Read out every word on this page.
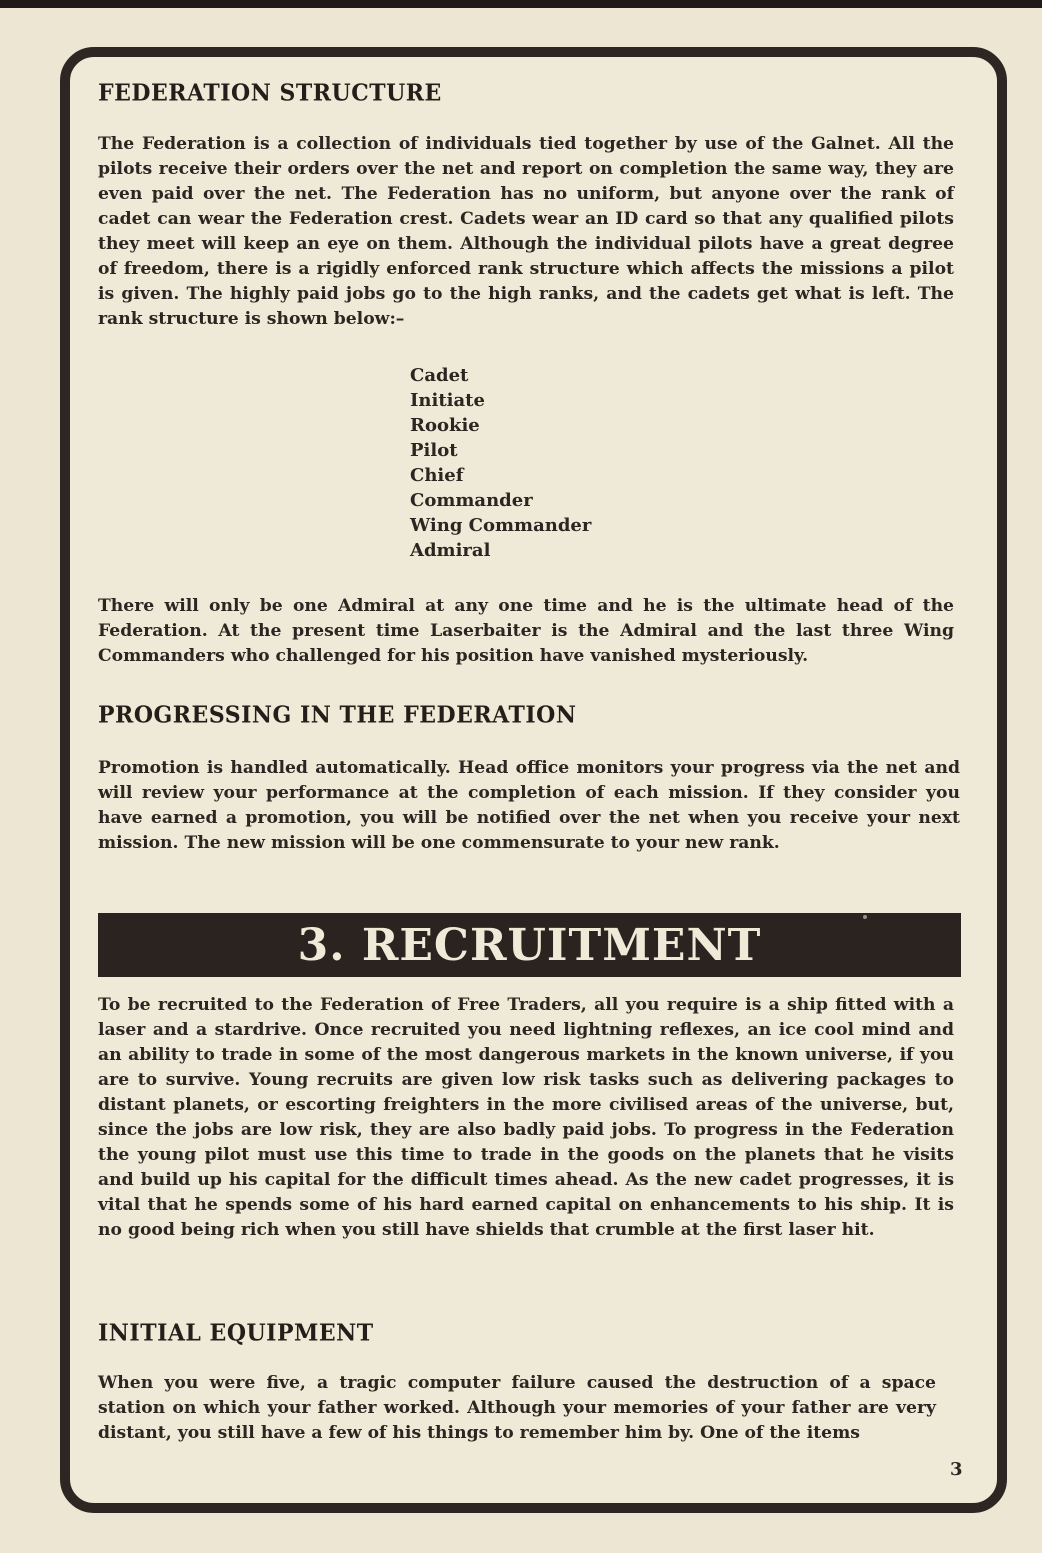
FEDERATION STRUCTURE

The Federation is a collection of individuals tied together by use of the Galnet. All the pilots receive their orders over the net and report on completion the same way, they are even paid over the net. The Federation has no uniform, but anyone over the rank of cadet can wear the Federation crest. Cadets wear an ID card so that any qualified pilots they meet will keep an eye on them. Although the individual pilots have a great degree of freedom, there is a rigidly enforced rank structure which affects the missions a pilot is given. The highly paid jobs go to the high ranks, and the cadets get what is left. The rank structure is shown below:–

Cadet
Initiate
Rookie
Pilot
Chief
Commander
Wing Commander
Admiral

There will only be one Admiral at any one time and he is the ultimate head of the Federation. At the present time Laserbaiter is the Admiral and the last three Wing Commanders who challenged for his position have vanished mysteriously.

PROGRESSING IN THE FEDERATION

Promotion is handled automatically. Head office monitors your progress via the net and will review your performance at the completion of each mission. If they consider you have earned a promotion, you will be notified over the net when you receive your next mission. The new mission will be one commensurate to your new rank.

3. RECRUITMENT

To be recruited to the Federation of Free Traders, all you require is a ship fitted with a laser and a stardrive. Once recruited you need lightning reflexes, an ice cool mind and an ability to trade in some of the most dangerous markets in the known universe, if you are to survive. Young recruits are given low risk tasks such as delivering packages to distant planets, or escorting freighters in the more civilised areas of the universe, but, since the jobs are low risk, they are also badly paid jobs. To progress in the Federation the young pilot must use this time to trade in the goods on the planets that he visits and build up his capital for the difficult times ahead. As the new cadet progresses, it is vital that he spends some of his hard earned capital on enhancements to his ship. It is no good being rich when you still have shields that crumble at the first laser hit.

INITIAL EQUIPMENT

When you were five, a tragic computer failure caused the destruction of a space station on which your father worked. Although your memories of your father are very distant, you still have a few of his things to remember him by. One of the items

3
